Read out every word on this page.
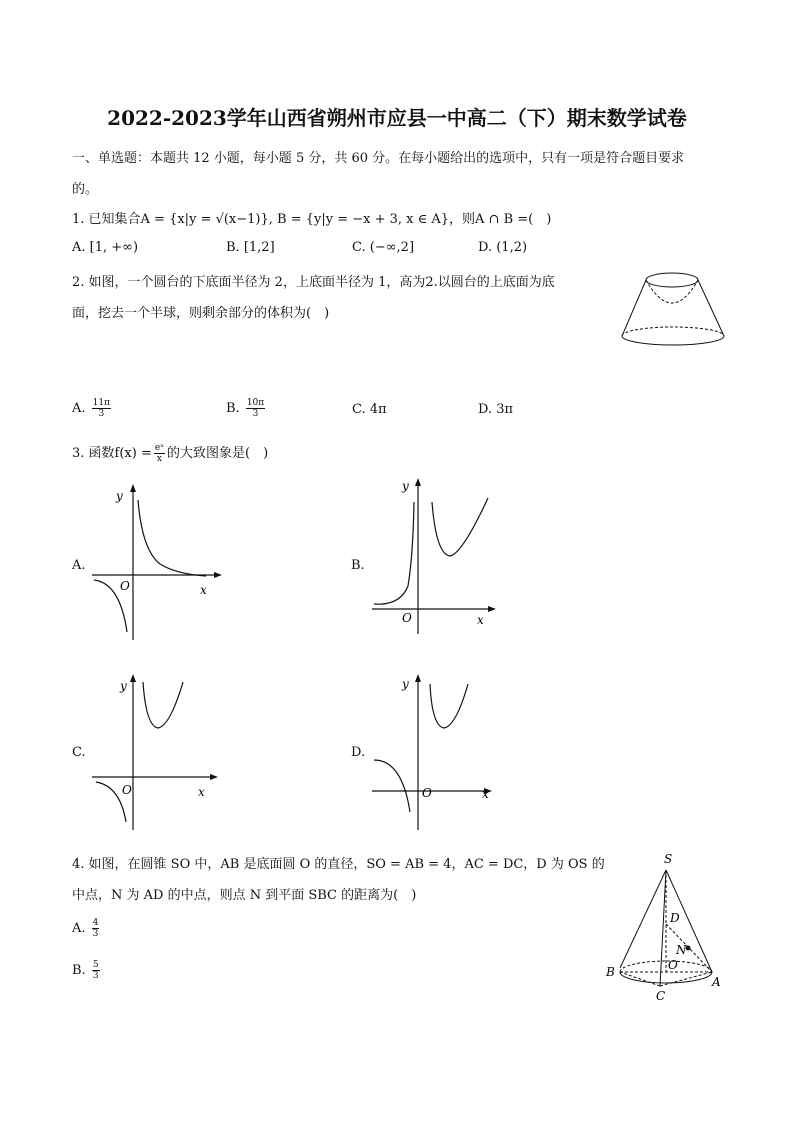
2022-2023学年山西省朔州市应县一中高二（下）期末数学试卷
一、单选题：本题共 12 小题，每小题 5 分，共 60 分。在每小题给出的选项中，只有一项是符合题目要求
的。
1. 已知集合A = {x|y = √(x−1)}, B = {y|y = −x + 3, x ∈ A}，则A ∩ B =(　)
A. [1, +∞)	B. [1,2]	C. (−∞,2]	D. (1,2)
2. 如图，一个圆台的下底面半径为 2，上底面半径为 1，高为2.以圆台的上底面为底
面，挖去一个半球，则剩余部分的体积为(　)
A. $\frac{11\pi}{3}$	B. $\frac{10\pi}{3}$	C. 4π	D. 3π
3. 函数$f(x) = \frac{\text{eˣ}}{x}$ 的大致图象是(　)
A.	B.
C.	D.
y
x
O
y
x
O
y
x
O
y
x
O
4. 如图，在圆锥 SO 中，AB 是底面圆 O 的直径，SO = AB = 4，AC = DC，D 为 OS 的
中点，N 为 AD 的中点，则点 N 到平面 SBC 的距离为(　)
A. $\frac{4}{3}$
B. $\frac{5}{3}$
S
D
N
O
B
C
A
